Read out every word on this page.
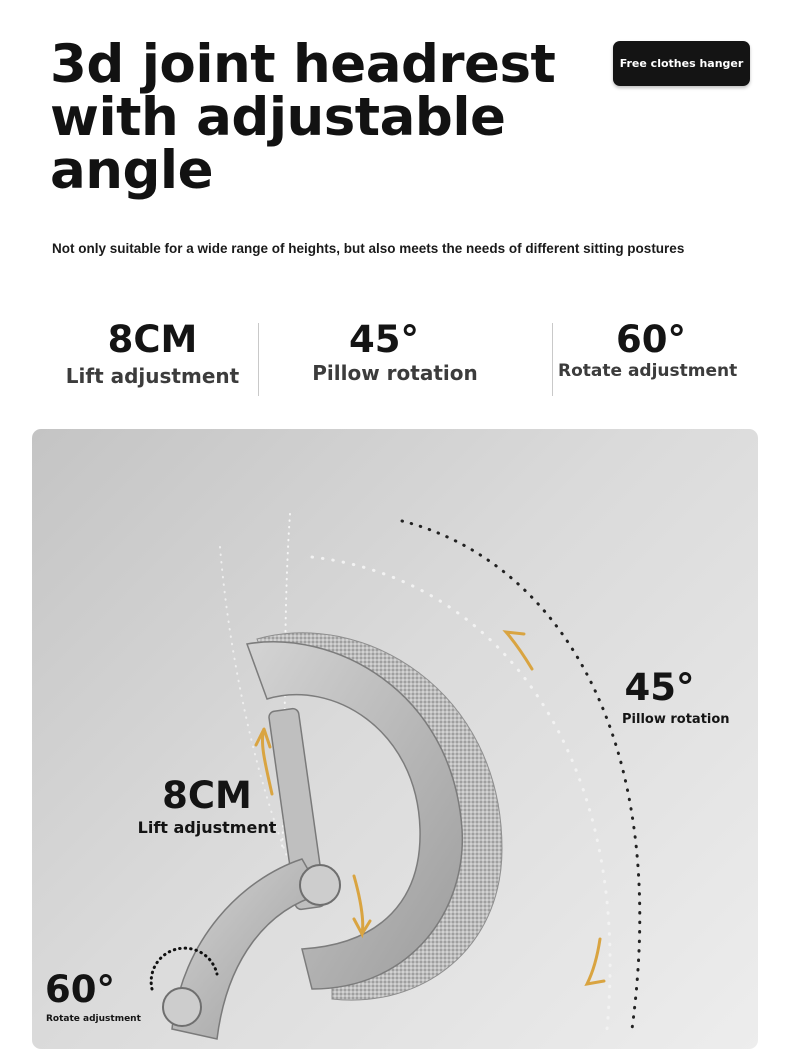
3d joint headrest
with adjustable
angle
Free clothes hanger
Not only suitable for a wide range of heights, but also meets the needs of different sitting postures
8CM
Lift adjustment
45°
Pillow rotation
60°
Rotate adjustment
8CM
Lift adjustment
45°
Pillow rotation
60°
Rotate adjustment
